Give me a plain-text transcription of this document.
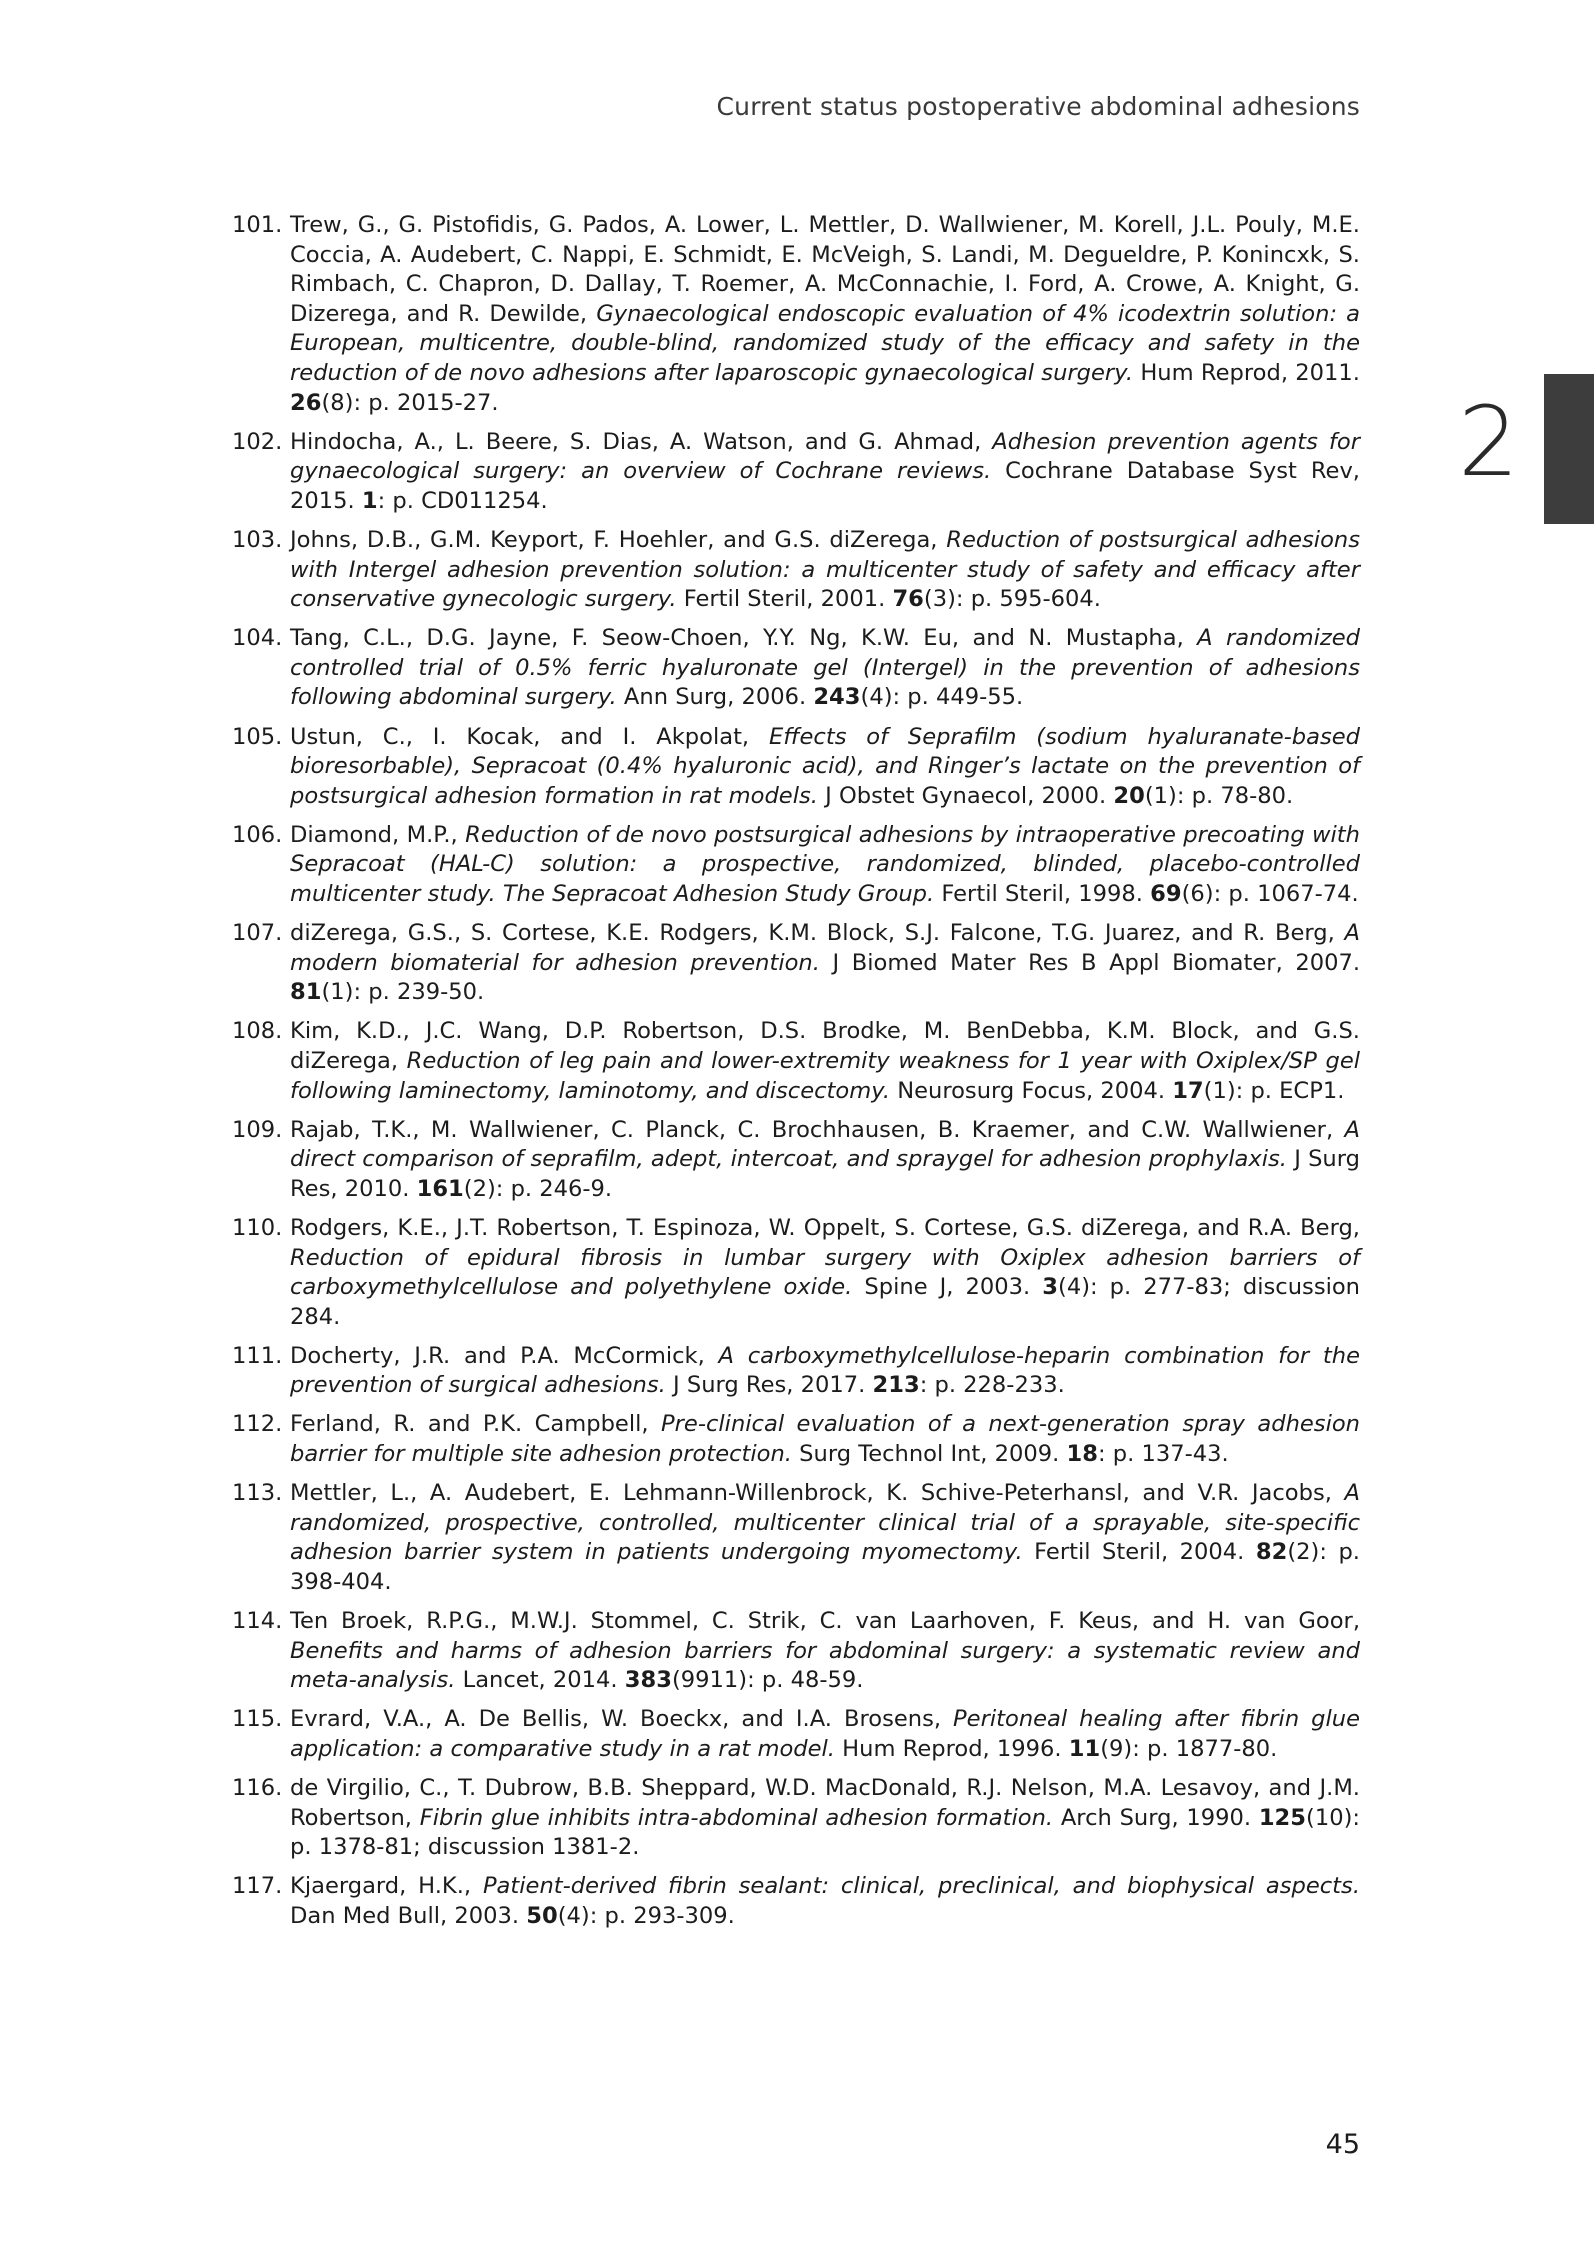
Current status postoperative abdominal adhesions
2
101. Trew, G., G. Pistofidis, G. Pados, A. Lower, L. Mettler, D. Wallwiener, M. Korell, J.L. Pouly, M.E. Coccia, A. Audebert, C. Nappi, E. Schmidt, E. McVeigh, S. Landi, M. Degueldre, P. Konincxk, S. Rimbach, C. Chapron, D. Dallay, T. Roemer, A. McConnachie, I. Ford, A. Crowe, A. Knight, G. Dizerega, and R. Dewilde, Gynaecological endoscopic evaluation of 4% icodextrin solution: a European, multicentre, double-blind, randomized study of the efficacy and safety in the reduction of de novo adhesions after laparoscopic gynaecological surgery. Hum Reprod, 2011. 26(8): p. 2015-27.
102. Hindocha, A., L. Beere, S. Dias, A. Watson, and G. Ahmad, Adhesion prevention agents for gynaecological surgery: an overview of Cochrane reviews. Cochrane Database Syst Rev, 2015. 1: p. CD011254.
103. Johns, D.B., G.M. Keyport, F. Hoehler, and G.S. diZerega, Reduction of postsurgical adhesions with Intergel adhesion prevention solution: a multicenter study of safety and efficacy after conservative gynecologic surgery. Fertil Steril, 2001. 76(3): p. 595-604.
104. Tang, C.L., D.G. Jayne, F. Seow-Choen, Y.Y. Ng, K.W. Eu, and N. Mustapha, A randomized controlled trial of 0.5% ferric hyaluronate gel (Intergel) in the prevention of adhesions following abdominal surgery. Ann Surg, 2006. 243(4): p. 449-55.
105. Ustun, C., I. Kocak, and I. Akpolat, Effects of Seprafilm (sodium hyaluranate-based bioresorbable), Sepracoat (0.4% hyaluronic acid), and Ringer’s lactate on the prevention of postsurgical adhesion formation in rat models. J Obstet Gynaecol, 2000. 20(1): p. 78-80.
106. Diamond, M.P., Reduction of de novo postsurgical adhesions by intraoperative precoating with Sepracoat (HAL-C) solution: a prospective, randomized, blinded, placebo-controlled multicenter study. The Sepracoat Adhesion Study Group. Fertil Steril, 1998. 69(6): p. 1067-74.
107. diZerega, G.S., S. Cortese, K.E. Rodgers, K.M. Block, S.J. Falcone, T.G. Juarez, and R. Berg, A modern biomaterial for adhesion prevention. J Biomed Mater Res B Appl Biomater, 2007. 81(1): p. 239-50.
108. Kim, K.D., J.C. Wang, D.P. Robertson, D.S. Brodke, M. BenDebba, K.M. Block, and G.S. diZerega, Reduction of leg pain and lower-extremity weakness for 1 year with Oxiplex/SP gel following laminectomy, laminotomy, and discectomy. Neurosurg Focus, 2004. 17(1): p. ECP1.
109. Rajab, T.K., M. Wallwiener, C. Planck, C. Brochhausen, B. Kraemer, and C.W. Wallwiener, A direct comparison of seprafilm, adept, intercoat, and spraygel for adhesion prophylaxis. J Surg Res, 2010. 161(2): p. 246-9.
110. Rodgers, K.E., J.T. Robertson, T. Espinoza, W. Oppelt, S. Cortese, G.S. diZerega, and R.A. Berg, Reduction of epidural fibrosis in lumbar surgery with Oxiplex adhesion barriers of carboxymethylcellulose and polyethylene oxide. Spine J, 2003. 3(4): p. 277-83; discussion 284.
111. Docherty, J.R. and P.A. McCormick, A carboxymethylcellulose-heparin combination for the prevention of surgical adhesions. J Surg Res, 2017. 213: p. 228-233.
112. Ferland, R. and P.K. Campbell, Pre-clinical evaluation of a next-generation spray adhesion barrier for multiple site adhesion protection. Surg Technol Int, 2009. 18: p. 137-43.
113. Mettler, L., A. Audebert, E. Lehmann-Willenbrock, K. Schive-Peterhansl, and V.R. Jacobs, A randomized, prospective, controlled, multicenter clinical trial of a sprayable, site-specific adhesion barrier system in patients undergoing myomectomy. Fertil Steril, 2004. 82(2): p. 398-404.
114. Ten Broek, R.P.G., M.W.J. Stommel, C. Strik, C. van Laarhoven, F. Keus, and H. van Goor, Benefits and harms of adhesion barriers for abdominal surgery: a systematic review and meta-analysis. Lancet, 2014. 383(9911): p. 48-59.
115. Evrard, V.A., A. De Bellis, W. Boeckx, and I.A. Brosens, Peritoneal healing after fibrin glue application: a comparative study in a rat model. Hum Reprod, 1996. 11(9): p. 1877-80.
116. de Virgilio, C., T. Dubrow, B.B. Sheppard, W.D. MacDonald, R.J. Nelson, M.A. Lesavoy, and J.M. Robertson, Fibrin glue inhibits intra-abdominal adhesion formation. Arch Surg, 1990. 125(10): p. 1378-81; discussion 1381-2.
117. Kjaergard, H.K., Patient-derived fibrin sealant: clinical, preclinical, and biophysical aspects. Dan Med Bull, 2003. 50(4): p. 293-309.
45
